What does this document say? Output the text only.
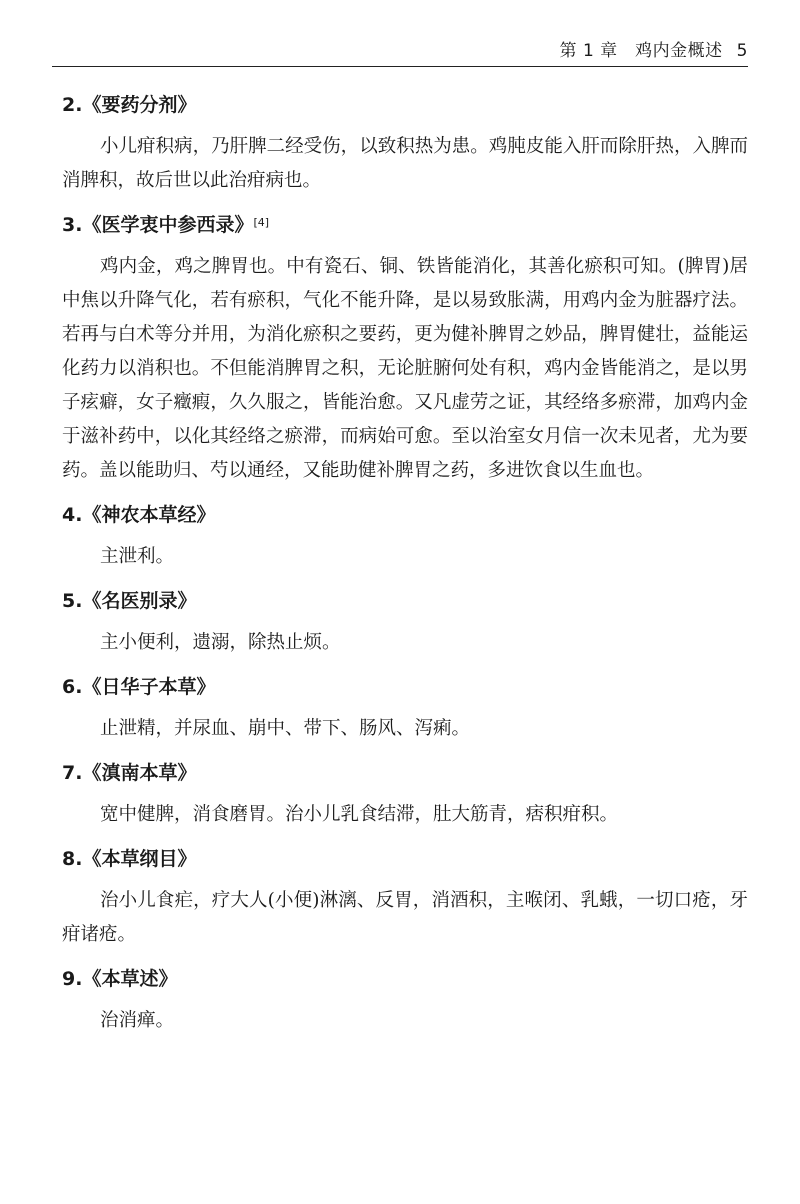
第 1 章　鸡内金概述 5
2.《要药分剂》

小儿疳积病，乃肝脾二经受伤，以致积热为患。鸡肫皮能入肝而除肝热，入脾而消脾积，故后世以此治疳病也。

3.《医学衷中参西录》[4]

鸡内金，鸡之脾胃也。中有瓷石、铜、铁皆能消化，其善化瘀积可知。(脾胃)居中焦以升降气化，若有瘀积，气化不能升降，是以易致胀满，用鸡内金为脏器疗法。若再与白术等分并用，为消化瘀积之要药，更为健补脾胃之妙品，脾胃健壮，益能运化药力以消积也。不但能消脾胃之积，无论脏腑何处有积，鸡内金皆能消之，是以男子痃癖，女子癥瘕，久久服之，皆能治愈。又凡虚劳之证，其经络多瘀滞，加鸡内金于滋补药中，以化其经络之瘀滞，而病始可愈。至以治室女月信一次未见者，尤为要药。盖以能助归、芍以通经，又能助健补脾胃之药，多进饮食以生血也。

4.《神农本草经》

主泄利。

5.《名医别录》

主小便利，遗溺，除热止烦。

6.《日华子本草》

止泄精，并尿血、崩中、带下、肠风、泻痢。

7.《滇南本草》

宽中健脾，消食磨胃。治小儿乳食结滞，肚大筋青，痞积疳积。

8.《本草纲目》

治小儿食疟，疗大人(小便)淋漓、反胃，消酒积，主喉闭、乳蛾，一切口疮，牙疳诸疮。

9.《本草述》

治消瘅。
